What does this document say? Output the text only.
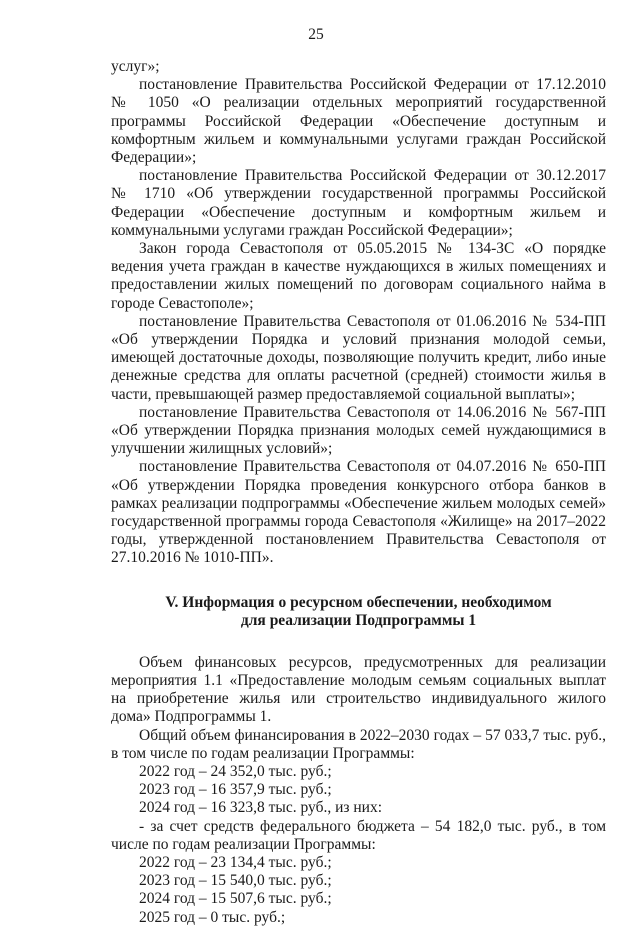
25

услуг»;

постановление Правительства Российской Федерации от 17.12.2010 № 1050 «О реализации отдельных мероприятий государственной программы Российской Федерации «Обеспечение доступным и комфортным жильем и коммунальными услугами граждан Российской Федерации»;

постановление Правительства Российской Федерации от 30.12.2017 № 1710 «Об утверждении государственной программы Российской Федерации «Обеспечение доступным и комфортным жильем и коммунальными услугами граждан Российской Федерации»;

Закон города Севастополя от 05.05.2015 № 134-ЗС «О порядке ведения учета граждан в качестве нуждающихся в жилых помещениях и предоставлении жилых помещений по договорам социального найма в городе Севастополе»;

постановление Правительства Севастополя от 01.06.2016 № 534-ПП «Об утверждении Порядка и условий признания молодой семьи, имеющей достаточные доходы, позволяющие получить кредит, либо иные денежные средства для оплаты расчетной (средней) стоимости жилья в части, превышающей размер предоставляемой социальной выплаты»;

постановление Правительства Севастополя от 14.06.2016 № 567-ПП «Об утверждении Порядка признания молодых семей нуждающимися в улучшении жилищных условий»;

постановление Правительства Севастополя от 04.07.2016 № 650-ПП «Об утверждении Порядка проведения конкурсного отбора банков в рамках реализации подпрограммы «Обеспечение жильем молодых семей» государственной программы города Севастополя «Жилище» на 2017–2022 годы, утвержденной постановлением Правительства Севастополя от 27.10.2016 № 1010-ПП».

V. Информация о ресурсном обеспечении, необходимом
для реализации Подпрограммы 1

Объем финансовых ресурсов, предусмотренных для реализации мероприятия 1.1 «Предоставление молодым семьям социальных выплат на приобретение жилья или строительство индивидуального жилого дома» Подпрограммы 1.

Общий объем финансирования в 2022–2030 годах – 57 033,7 тыс. руб., в том числе по годам реализации Программы:

2022 год – 24 352,0 тыс. руб.;

2023 год – 16 357,9 тыс. руб.;

2024 год – 16 323,8 тыс. руб., из них:

- за счет средств федерального бюджета – 54 182,0 тыс. руб., в том числе по годам реализации Программы:

2022 год – 23 134,4 тыс. руб.;

2023 год – 15 540,0 тыс. руб.;

2024 год – 15 507,6 тыс. руб.;

2025 год – 0 тыс. руб.;
